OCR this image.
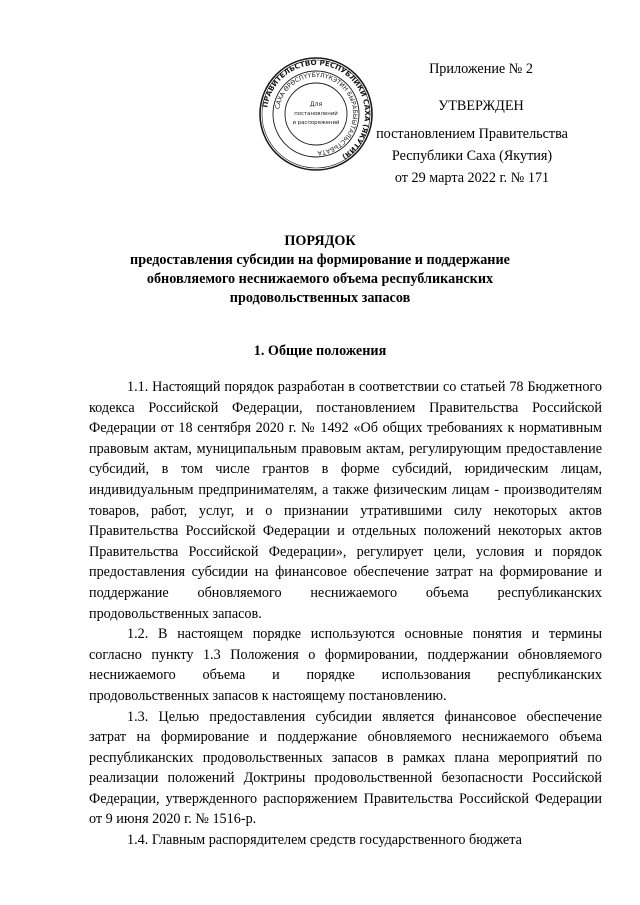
Приложение № 2
УТВЕРЖДЕН
постановлением Правительства
Республики Саха (Якутия)
от 29 марта 2022 г. № 171
ПРАВИТЕЛЬСТВО РЕСПУБЛИКИ САХА (ЯКУТИЯ)
САХА ӨРӨСПҮҮБҮЛҮКЭТИН БЫРАБЫЫТАЛЬСТЬБАТА
Для
постановлений
и распоряжений
ПОРЯДОК
предоставления субсидии на формирование и поддержание обновляемого неснижаемого объема республиканских продовольственных запасов
1. Общие положения

1.1. Настоящий порядок разработан в соответствии со статьей 78 Бюджетного кодекса Российской Федерации, постановлением Правительства Российской Федерации от 18 сентября 2020 г. № 1492 «Об общих требованиях к нормативным правовым актам, муниципальным правовым актам, регулирующим предоставление субсидий, в том числе грантов в форме субсидий, юридическим лицам, индивидуальным предпринимателям, а также физическим лицам - производителям товаров, работ, услуг, и о признании утратившими силу некоторых актов Правительства Российской Федерации и отдельных положений некоторых актов Правительства Российской Федерации», регулирует цели, условия и порядок предоставления субсидии на финансовое обеспечение затрат на формирование и поддержание обновляемого неснижаемого объема республиканских продовольственных запасов.

1.2. В настоящем порядке используются основные понятия и термины согласно пункту 1.3 Положения о формировании, поддержании обновляемого неснижаемого объема и порядке использования республиканских продовольственных запасов к настоящему постановлению.

1.3. Целью предоставления субсидии является финансовое обеспечение затрат на формирование и поддержание обновляемого неснижаемого объема республиканских продовольственных запасов в рамках плана мероприятий по реализации положений Доктрины продовольственной безопасности Российской Федерации, утвержденного распоряжением Правительства Российской Федерации от 9 июня 2020 г. № 1516-р.

1.4. Главным распорядителем средств государственного бюджета
